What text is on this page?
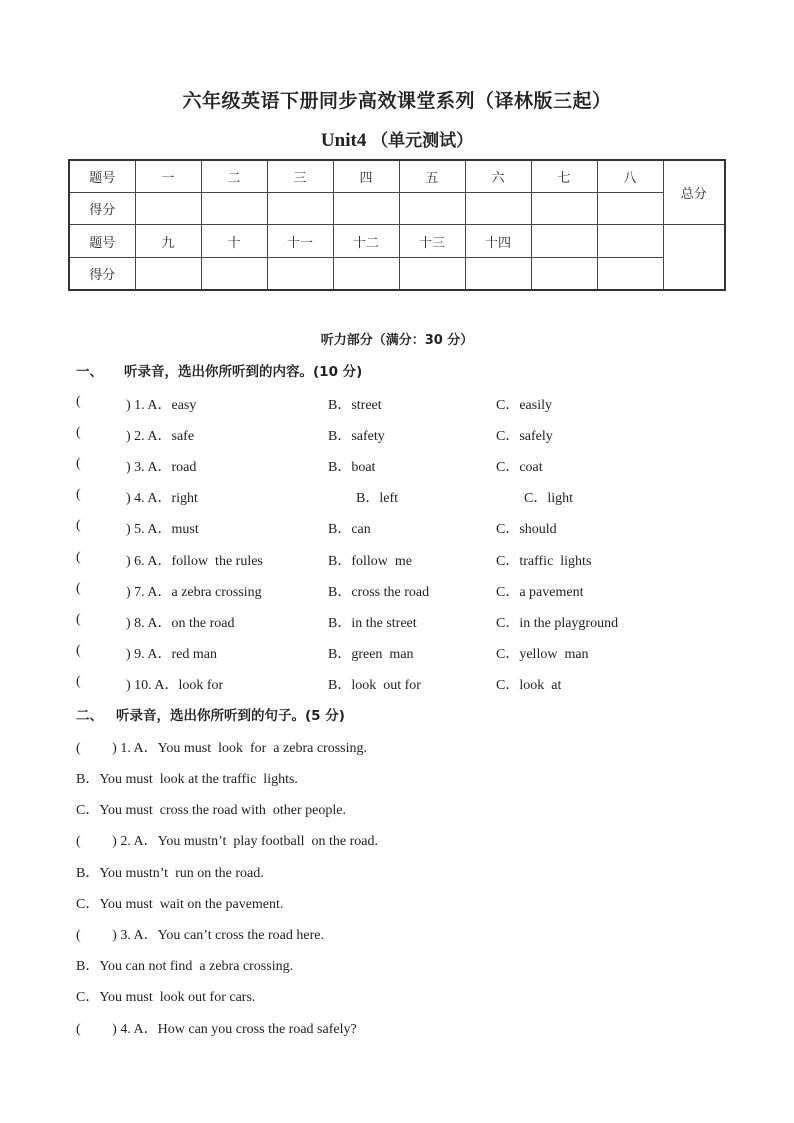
六年级英语下册同步高效课堂系列（译林版三起）
Unit4 （单元测试）
题号	一	二	三	四	五	六	七	八	总分
得分									
题号	九	十	十一	十二	十三	十四			
得分									
听力部分（满分：30 分）
一、 听录音，选出你所听到的内容。(10 分)
(	) 1. A．easy	B．street	C．easily
(	) 2. A．safe	B．safety	C．safely
(	) 3. A．road	B．boat	C．coat
(	) 4. A．right	B．left	C．light
(	) 5. A．must	B．can	C．should
(	) 6. A．follow  the rules	B．follow  me	C．traffic  lights
(	) 7. A．a zebra crossing	B．cross the road	C．a pavement
(	) 8. A．on the road	B．in the street	C．in the playground
(	) 9. A．red man	B．green  man	C．yellow  man
(	) 10. A．look for	B．look  out for	C．look  at
二、 听录音，选出你所听到的句子。(5 分)
(         ) 1. A．You must  look  for  a zebra crossing.
B．You must  look at the traffic  lights.
C．You must  cross the road with  other people.
(         ) 2. A．You mustn’t  play football  on the road.
B．You mustn’t  run on the road.
C．You must  wait on the pavement.
(         ) 3. A．You can’t cross the road here.
B．You can not find  a zebra crossing.
C．You must  look out for cars.
(         ) 4. A．How can you cross the road safely?
